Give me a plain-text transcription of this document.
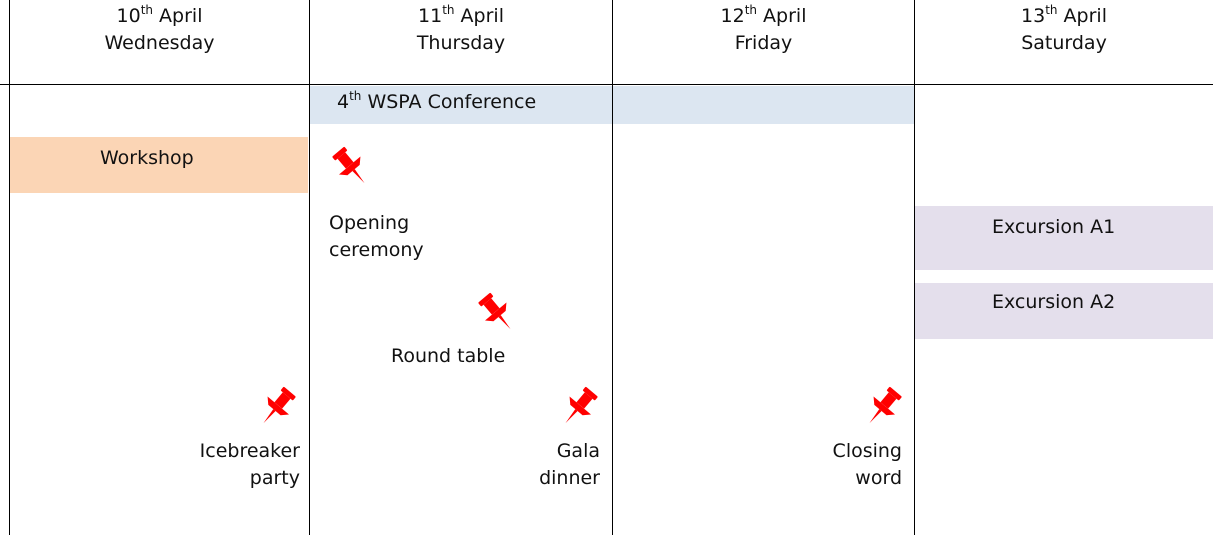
4th WSPA Conference
Workshop
Excursion A1
Excursion A2
10th April
Wednesday
11th April
Thursday
12th April
Friday
13th April
Saturday
Opening
ceremony
Round table
Icebreaker
party
Gala
dinner
Closing
word
